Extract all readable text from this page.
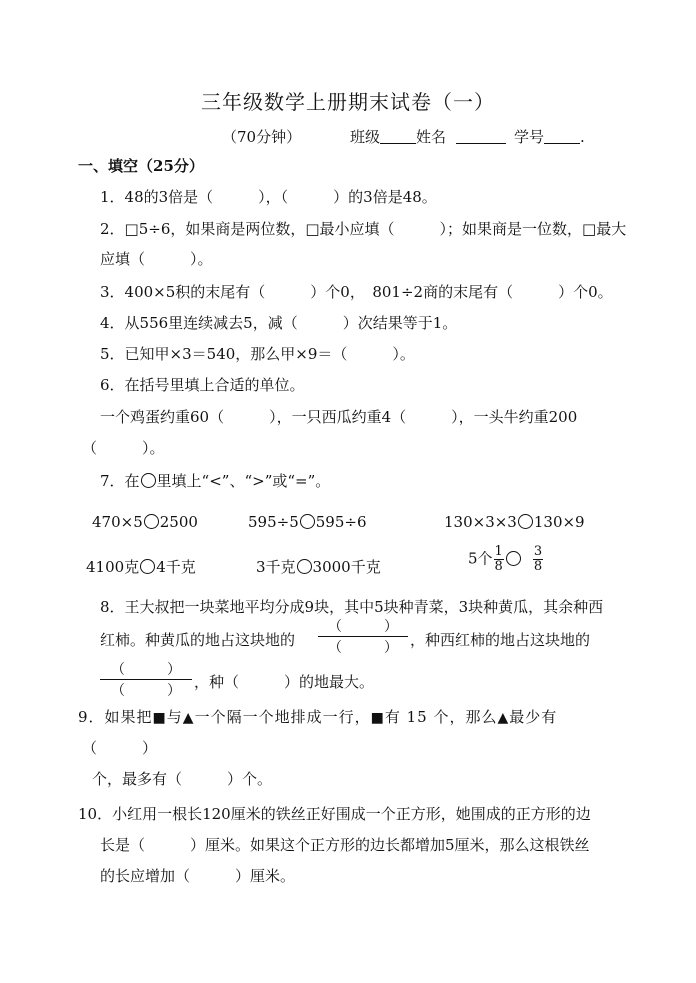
三年级数学上册期末试卷（一）
（70分钟）	班级 姓名	学号 .
一、填空（25分）
1．48的3倍是（　　　），（　　　）的3倍是48。
2．□5÷6，如果商是两位数，□最小应填（　　　）；如果商是一位数，□最大
应填（　　　）。
3．400×5积的末尾有（　　　）个0，　801÷2商的末尾有（　　　）个0。
4．从556里连续减去5，减（　　　）次结果等于1。
5．已知甲×3＝540，那么甲×9＝（　　　）。
6．在括号里填上合适的单位。
一个鸡蛋约重60（　　　），一只西瓜约重4（　　　），一头牛约重200
（　　　）。
7．在 里填上“<”、“>”或“=”。
470×5 2500	595÷5 595÷6	130×3×3 130×9
4100克 4千克	3千克 3000千克	5个 $\frac{1}{8} \frac{3}{8}$
8．王大叔把一块菜地平均分成9块，其中5块种青菜，3块种黄瓜，其余种西
红柿。种黄瓜的地占这块地的
（　　　）
（　　　） ，种西红柿的地占这块地的
（　　　）
（　　　） ，种（　　　）的地最大。
9．如果把■与▲一个隔一个地排成一行，■有 15 个，那么▲最少有
（　　　）
个，最多有（　　　）个。
10．小红用一根长120厘米的铁丝正好围成一个正方形，她围成的正方形的边
长是（　　　）厘米。如果这个正方形的边长都增加5厘米，那么这根铁丝
的长应增加（　　　）厘米。
